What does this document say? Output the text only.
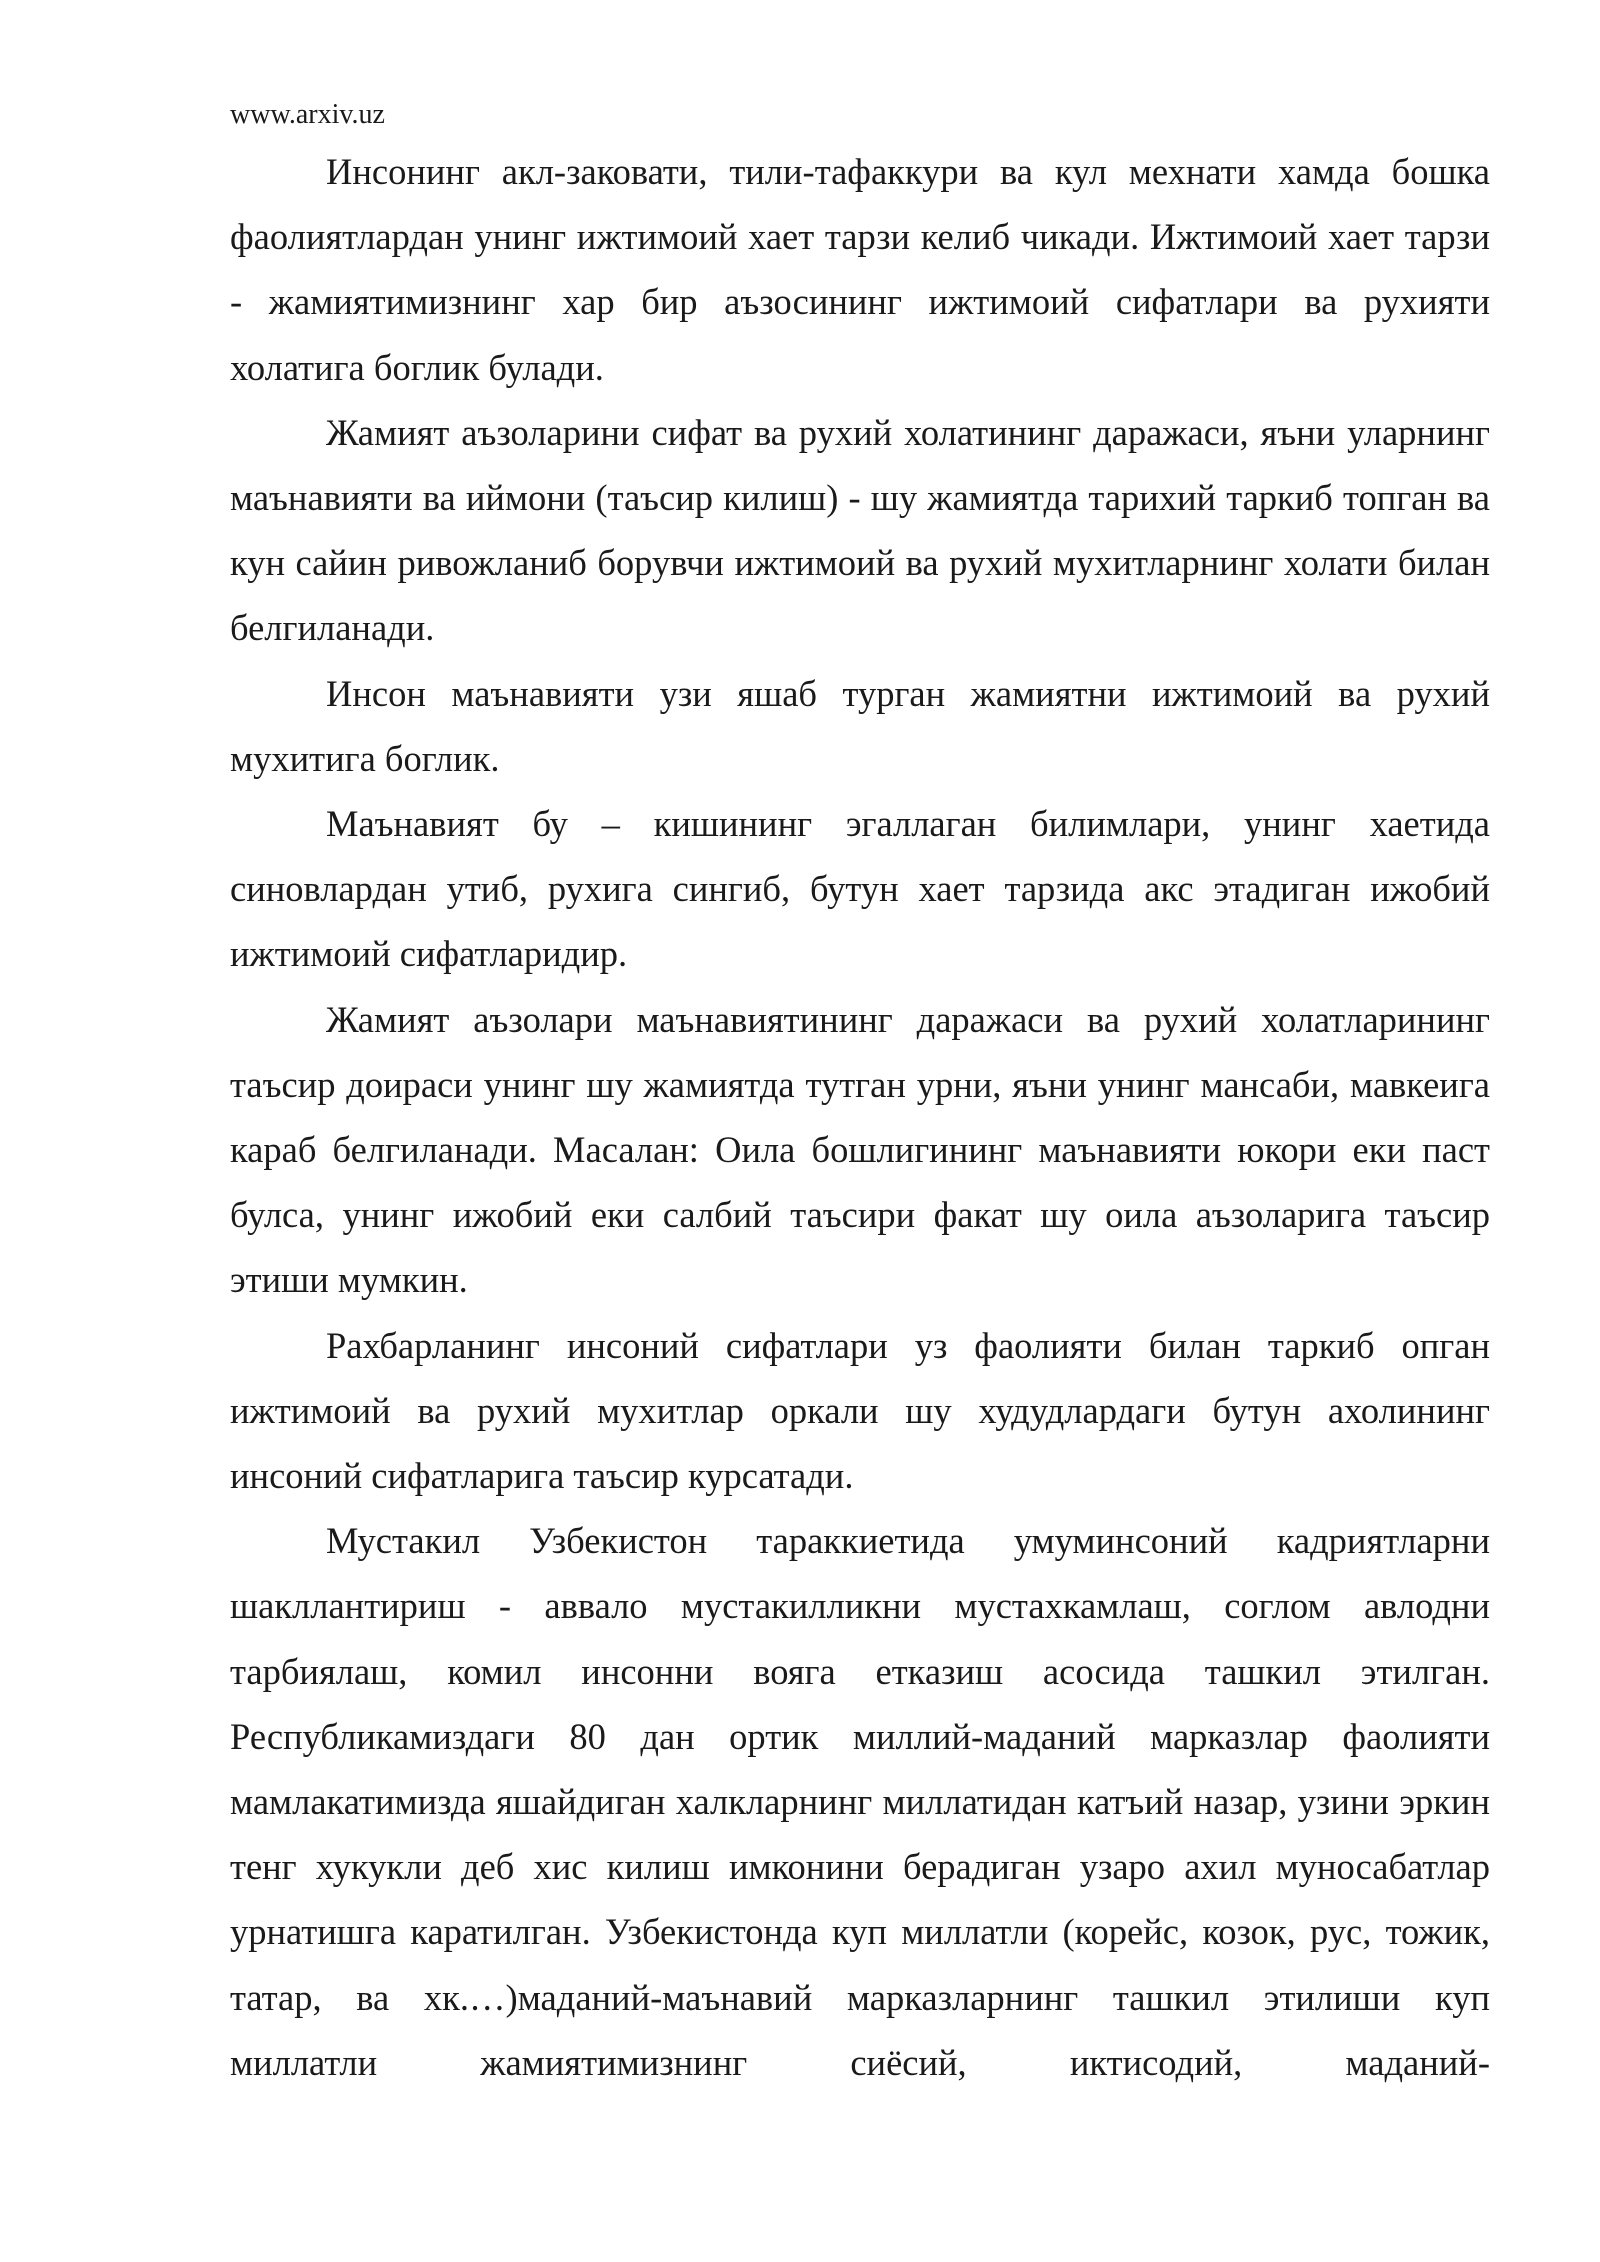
www.arxiv.uz

Инсонинг акл-заковати, тили-тафаккури ва кул мехнати хамда бошка фаолиятлардан унинг ижтимоий хает тарзи келиб чикади. Ижтимоий хает тарзи - жамиятимизнинг хар бир аъзосининг ижтимоий сифатлари ва рухияти холатига боглик булади.

Жамият аъзоларини сифат ва рухий холатининг даражаси, яъни уларнинг маънавияти ва иймони (таъсир килиш) - шу жамиятда тарихий таркиб топган ва кун сайин ривожланиб борувчи ижтимоий ва рухий мухитларнинг холати билан белгиланади.

Инсон маънавияти узи яшаб турган жамиятни ижтимоий ва рухий мухитига боглик.

Маънавият бу – кишининг эгаллаган билимлари, унинг хаетида синовлардан утиб, рухига сингиб, бутун хает тарзида акс этадиган ижобий ижтимоий сифатларидир.

Жамият аъзолари маънавиятининг даражаси ва рухий холатларининг таъсир доираси унинг шу жамиятда тутган урни, яъни унинг мансаби, мавкеига караб белгиланади. Масалан: Оила бошлигининг маънавияти юкори еки паст булса, унинг ижобий еки салбий таъсири факат шу оила аъзоларига таъсир этиши мумкин.

Рахбарланинг инсоний сифатлари уз фаолияти билан таркиб опган ижтимоий ва рухий мухитлар оркали шу худудлардаги бутун ахолининг инсоний сифатларига таъсир курсатади.

Мустакил Узбекистон тараккиетида умуминсоний кадриятларни шакллантириш - аввало мустакилликни мустахкамлаш, соглом авлодни тарбиялаш, комил инсонни вояга етказиш асосида ташкил этилган. Республикамиздаги 80 дан ортик миллий-маданий марказлар фаолияти мамлакатимизда яшайдиган халкларнинг миллатидан катъий назар, узини эркин тенг хукукли деб хис килиш имконини берадиган узаро ахил муносабатлар урнатишга каратилган. Узбекистонда куп миллатли (корейс, козок, рус, тожик, татар, ва хк.…)маданий-маънавий марказларнинг ташкил этилиши куп миллатли жамиятимизнинг сиёсий, иктисодий, маданий-
